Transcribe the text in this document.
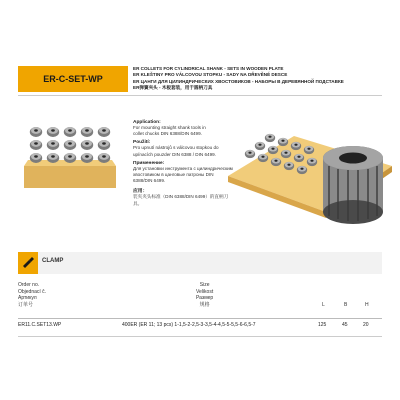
ER-C-SET-WP
ER COLLETS FOR CYLINDRICAL SHANK - SETS IN WOODEN PLATE
ER KLEŠTINY PRO VÁLCOVOU STOPKU - SADY NA DŘEVĚNÉ DESCE
ER ЦАНГИ ДЛЯ ЦИЛИНДРИЧЕСКИХ ХВОСТОВИКОВ - НАБОРЫ В ДЕРЕВЯННОЙ ПОДСТАВКЕ
ER弹簧夹头 - 木板套装，用于圆柄刀具
Application:
For mounting straight shank tools in
collet chucks DIN 6388/DIN 6499.
Použití:
Pro upnutí nástrojů s válcovou stopkou do
upínacích pouzder DIN 6388 / DIN 6499.
Применение:
Для установки инструмента с цилиндрическим
хвостовиком в цанговые патроны DIN 6388/DIN 6499.
应用：
装夹夹头标准（DIN 6388/DIN 6499）的直柄刀具。
CLAMP
Order no.
Objednací č.
Артикул
订单号
Size
Velikost
Размер
规格	L	B	H
ER11.C.SET13.WP	400ER (ER 11; 13 pcs) 1-1,5-2-2,5-3-3,5-4-4,5-5-5,5-6-6,5-7	125	45	20
